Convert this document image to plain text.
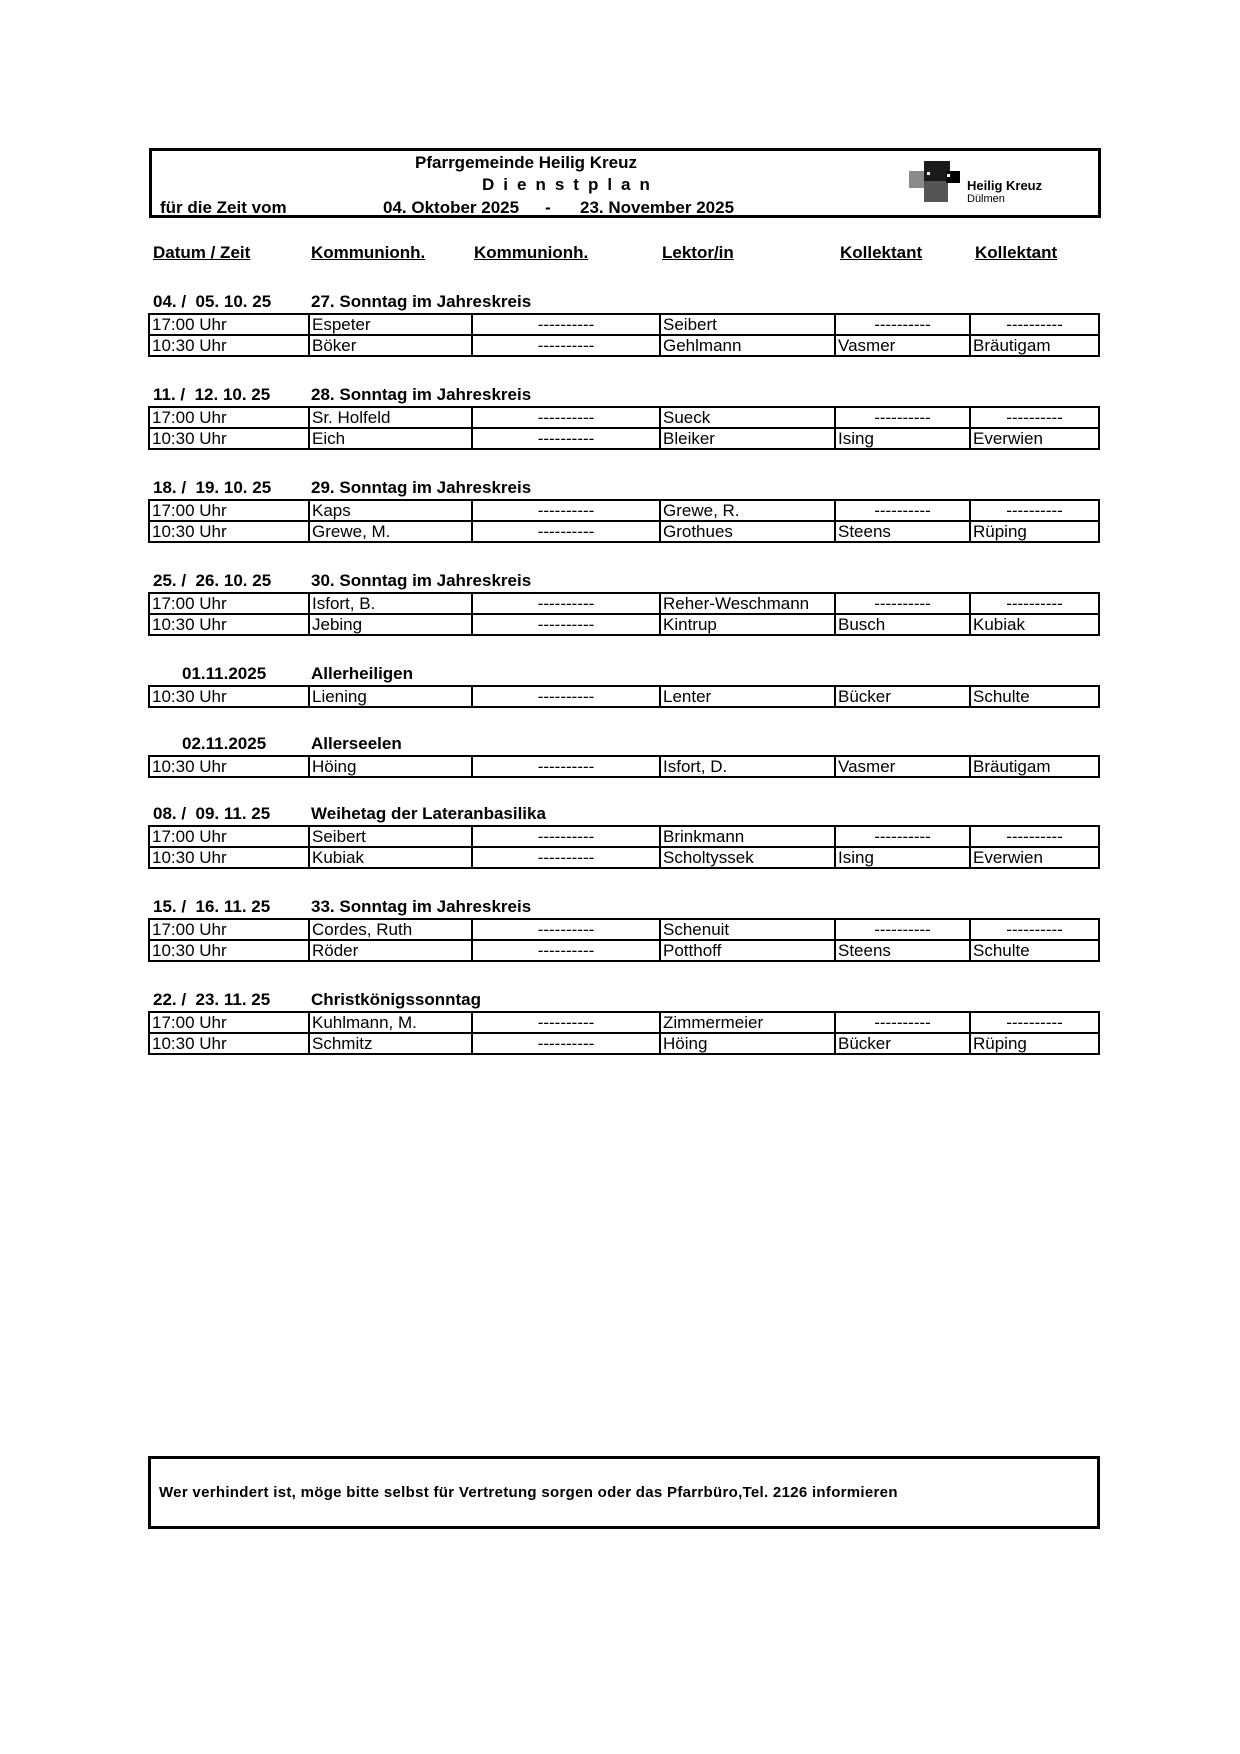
Pfarrgemeinde Heilig Kreuz
Dienstplan
für die Zeit vom	04. Oktober 2025 - 23. November 2025
Heilig Kreuz
Dülmen
Datum / Zeit	Kommunionh.	Kommunionh.	Lektor/in	Kollektant	Kollektant
04. /  05. 10. 25 27. Sonntag im Jahreskreis
17:00 Uhr	Espeter	----------	Seibert	----------	----------
10:30 Uhr	Böker	----------	Gehlmann	Vasmer	Bräutigam
11. /  12. 10. 25 28. Sonntag im Jahreskreis
17:00 Uhr	Sr. Holfeld	----------	Sueck	----------	----------
10:30 Uhr	Eich	----------	Bleiker	Ising	Everwien
18. /  19. 10. 25 29. Sonntag im Jahreskreis
17:00 Uhr	Kaps	----------	Grewe, R.	----------	----------
10:30 Uhr	Grewe, M.	----------	Grothues	Steens	Rüping
25. /  26. 10. 25 30. Sonntag im Jahreskreis
17:00 Uhr	Isfort, B.	----------	Reher-Weschmann	----------	----------
10:30 Uhr	Jebing	----------	Kintrup	Busch	Kubiak
01.11.2025	Allerheiligen
10:30 Uhr	Liening	----------	Lenter	Bücker	Schulte
02.11.2025	Allerseelen
10:30 Uhr	Höing	----------	Isfort, D.	Vasmer	Bräutigam
08. /  09. 11. 25 Weihetag der Lateranbasilika
17:00 Uhr	Seibert	----------	Brinkmann	----------	----------
10:30 Uhr	Kubiak	----------	Scholtyssek	Ising	Everwien
15. /  16. 11. 25 33. Sonntag im Jahreskreis
17:00 Uhr	Cordes, Ruth	----------	Schenuit	----------	----------
10:30 Uhr	Röder	----------	Potthoff	Steens	Schulte
22. /  23. 11. 25 Christkönigssonntag
17:00 Uhr	Kuhlmann, M.	----------	Zimmermeier	----------	----------
10:30 Uhr	Schmitz	----------	Höing	Bücker	Rüping
Wer verhindert ist, möge bitte selbst für Vertretung sorgen oder das Pfarrbüro,Tel. 2126 informieren
